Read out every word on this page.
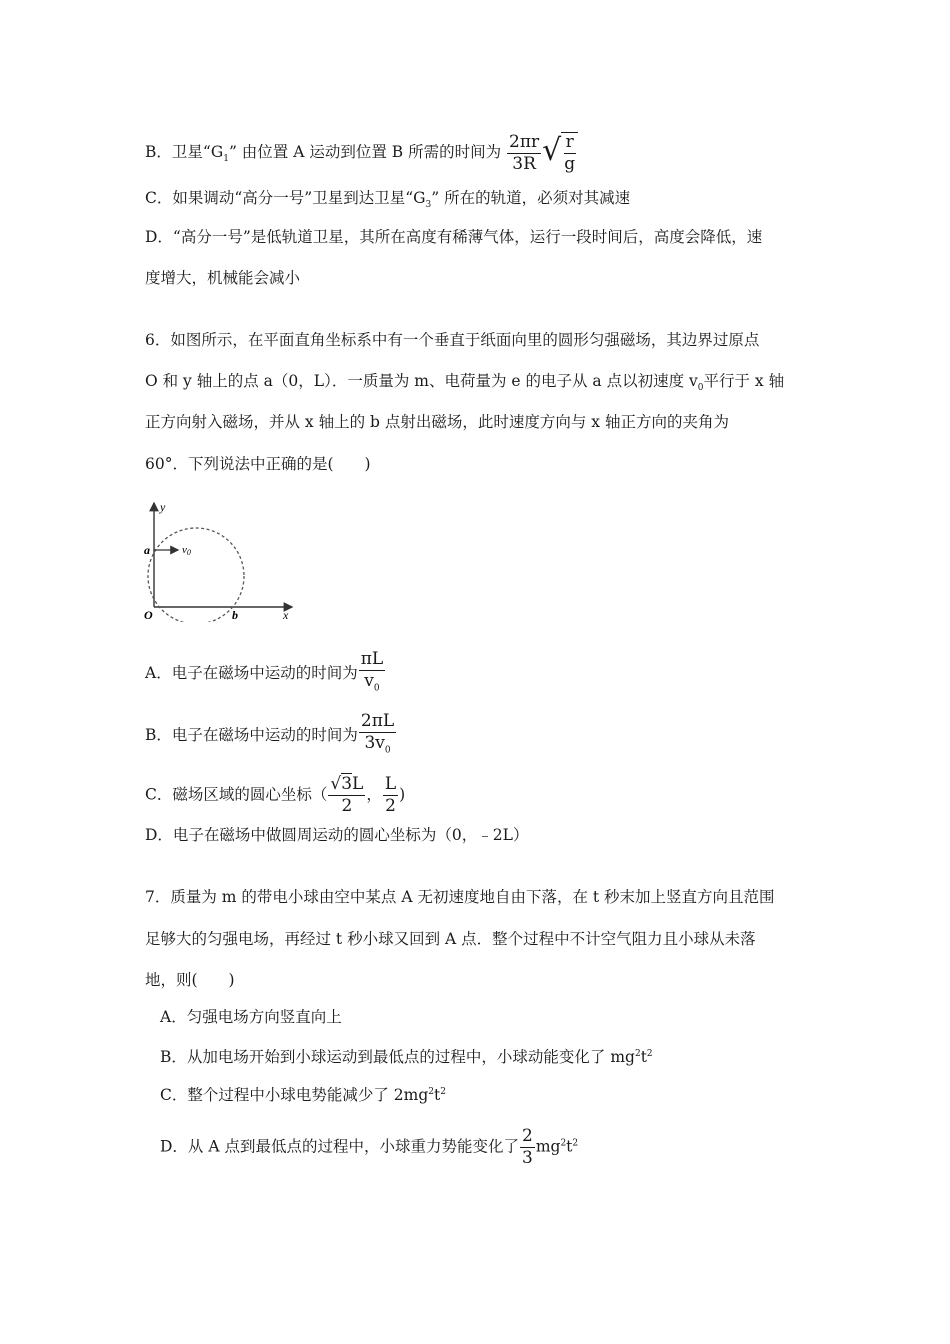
B．卫星“$G_1$” 由位置 A 运动到位置 B 所需的时间为 $\frac{2\pi r}{3R}$ √ $\frac{r}{g}$
C．如果调动“高分一号”卫星到达卫星“$G_3$” 所在的轨道，必须对其减速
D．“高分一号”是低轨道卫星，其所在高度有稀薄气体，运行一段时间后，高度会降低，速
度增大，机械能会减小
6．如图所示，在平面直角坐标系中有一个垂直于纸面向里的圆形匀强磁场，其边界过原点
O 和 y 轴上的点 a（0，L）．一质量为 m、电荷量为 e 的电子从 a 点以初速度 $v_0$平行于 x 轴
正方向射入磁场，并从 x 轴上的 b 点射出磁场，此时速度方向与 x 轴正方向的夹角为
60°．下列说法中正确的是(　　)
y
x
a
O	b
v0
A．电子在磁场中运动的时间为 $\frac{\pi L}{v_0}$
B．电子在磁场中运动的时间为 $\frac{2\pi L}{3v_0}$
C．磁场区域的圆心坐标（ $\frac{√3L}{2}$ ， $\frac{L}{2}$ )
D．电子在磁场中做圆周运动的圆心坐标为（0，﹣2L）
7．质量为 m 的带电小球由空中某点 A 无初速度地自由下落，在 t 秒末加上竖直方向且范围
足够大的匀强电场，再经过 t 秒小球又回到 A 点．整个过程中不计空气阻力且小球从未落
地，则(　　)
A．匀强电场方向竖直向上
B．从加电场开始到小球运动到最低点的过程中，小球动能变化了 $mg^2t^2$
C．整个过程中小球电势能减少了 $2mg^2t^2$
D．从 A 点到最低点的过程中，小球重力势能变化了 $\frac{2}{3} mg^2t^2$
